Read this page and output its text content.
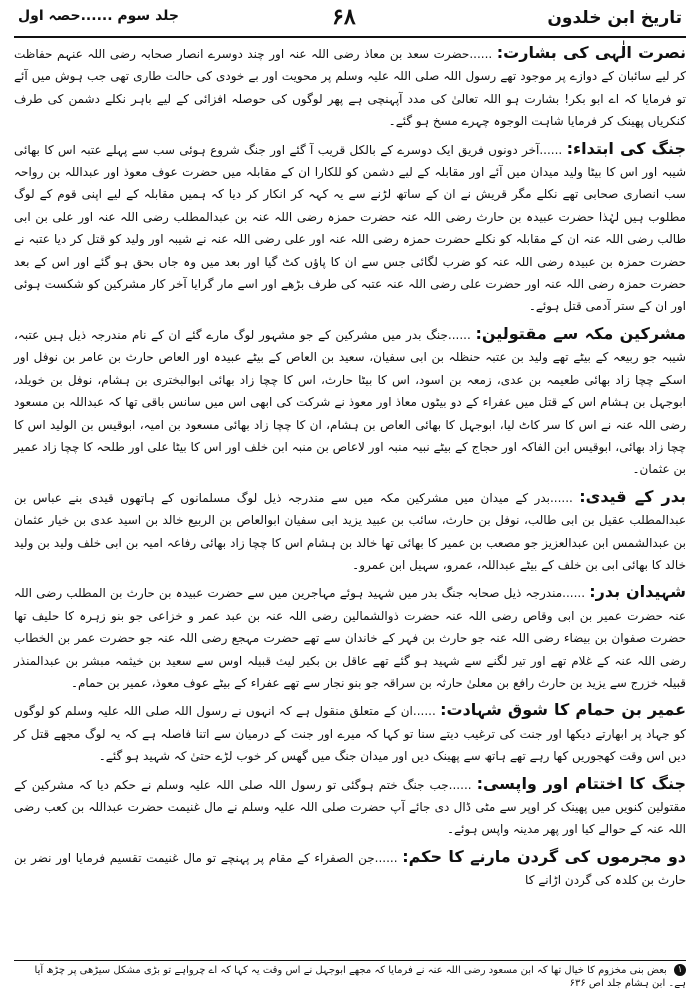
تاریخ ابن خلدون
۶۸
جلد سوم ......حصہ اول

نصرت الٰہی کی بشارت: ......حضرت سعد بن معاذ رضی اللہ عنہ اور چند دوسرے انصار صحابہ رضی اللہ عنہم حفاظت کر لیے سائبان کے دوازے پر موجود تھے رسول اللہ صلی اللہ علیہ وسلم پر محویت اور بے خودی کی حالت طاری تھی جب ہوش میں آئے تو فرمایا کہ اے ابو بکر! بشارت ہو اللہ تعالیٰ کی مدد آپہنچی ہے پھر لوگوں کی حوصلہ افزائی کے لیے باہر نکلے دشمن کی طرف کنکریاں پھینک کر فرمایا شاہت الوجوہ چہرے مسخ ہو گئے۔

جنگ کی ابتداء: ......آخر دونوں فریق ایک دوسرے کے بالکل قریب آ گئے اور جنگ شروع ہوئی سب سے پہلے عتبہ اس کا بھائی شیبہ اور اس کا بیٹا ولید میدان میں آئے اور مقابلہ کے لیے دشمن کو للکارا ان کے مقابلہ میں حضرت عوف معوذ اور عبداللہ بن رواحہ سب انصاری صحابی تھے نکلے مگر قریش نے ان کے ساتھ لڑنے سے یہ کہہ کر انکار کر دیا کہ ہمیں مقابلہ کے لیے اپنی قوم کے لوگ مطلوب ہیں لہٰذا حضرت عبیدہ بن حارث رضی اللہ عنہ حضرت حمزہ رضی اللہ عنہ بن عبدالمطلب رضی اللہ عنہ اور علی بن ابی طالب رضی اللہ عنہ ان کے مقابلہ کو نکلے حضرت حمزہ رضی اللہ عنہ اور علی رضی اللہ عنہ نے شیبہ اور ولید کو قتل کر دیا عتبہ نے حضرت حمزہ بن عبیدہ رضی اللہ عنہ کو ضرب لگائی جس سے ان کا پاؤں کٹ گیا اور بعد میں وہ جاں بحق ہو گئے اور اس کے بعد حضرت حمزہ رضی اللہ عنہ اور حضرت علی رضی اللہ عنہ عتبہ کی طرف بڑھے اور اسے مار گرایا آخر کار مشرکین کو شکست ہوئی اور ان کے ستر آدمی قتل ہوئے۔

مشرکین مکہ سے مقتولین: ......جنگ بدر میں مشرکین کے جو مشہور لوگ مارے گئے ان کے نام مندرجہ ذیل ہیں عتبہ، شیبہ جو ربیعہ کے بیٹے تھے ولید بن عتبہ حنظلہ بن ابی سفیان، سعید بن العاص کے بیٹے عبیدہ اور العاص حارث بن عامر بن نوفل اور اسکے چچا زاد بھائی طعیمہ بن عدی، زمعہ بن اسود، اس کا بیٹا حارث، اس کا چچا زاد بھائی ابوالبختری بن ہشام، نوفل بن خویلد، ابوجہل بن ہشام اس کے قتل میں عفراء کے دو بیٹوں معاذ اور معوذ نے شرکت کی ابھی اس میں سانس باقی تھا کہ عبداللہ بن مسعود رضی اللہ عنہ نے اس کا سر کاٹ لیا، ابوجہل کا بھائی العاص بن ہشام، ان کا چچا زاد بھائی مسعود بن امیہ، ابوقیس بن الولید اس کا چچا زاد بھائی، ابوقیس ابن الفاکہ اور حجاج کے بیٹے نبیہ منبہ اور لاعاص بن منبہ ابن خلف اور اس کا بیٹا علی اور طلحہ کا چچا زاد عمیر بن عثمان۔

بدر کے قیدی: ......بدر کے میدان میں مشرکین مکہ میں سے مندرجہ ذیل لوگ مسلمانوں کے ہاتھوں قیدی بنے عباس بن عبدالمطلب عقیل بن ابی طالب، نوفل بن حارث، سائب بن عبید یزید ابی سفیان ابوالعاص بن الربیع خالد بن اسید عدی بن خیار عثمان بن عبدالشمس ابن عبدالعزیز جو مصعب بن عمیر کا بھائی تھا خالد بن ہشام اس کا چچا زاد بھائی رفاعہ امیہ بن ابی خلف ولید بن ولید خالد کا بھائی ابی بن خلف کے بیٹے عبداللہ، عمرو، سہیل ابن عمرو۔

شہیدان بدر: ......مندرجہ ذیل صحابہ جنگ بدر میں شہید ہوئے مہاجرین میں سے حضرت عبیدہ بن حارث بن المطلب رضی اللہ عنہ حضرت عمیر بن ابی وقاص رضی اللہ عنہ حضرت ذوالشمالین رضی اللہ عنہ بن عبد عمر و خزاعی جو بنو زہرہ کا حلیف تھا حضرت صفوان بن بیضاء رضی اللہ عنہ جو حارث بن فہر کے خاندان سے تھے حضرت مہجع رضی اللہ عنہ جو حضرت عمر بن الخطاب رضی اللہ عنہ کے غلام تھے اور تیر لگنے سے شہید ہو گئے تھے عاقل بن بکیر لیث قبیلہ اوس سے سعید بن خیثمہ مبشر بن عبدالمنذر قبیلہ خزرج سے یزید بن حارث رافع بن معلیٰ حارثہ بن سراقہ جو بنو نجار سے تھے عفراء کے بیٹے عوف معوذ، عمیر بن حمام۔

عمیر بن حمام کا شوق شہادت: ......ان کے متعلق منقول ہے کہ انہوں نے رسول اللہ صلی اللہ علیہ وسلم کو لوگوں کو جہاد پر ابھارتے دیکھا اور جنت کی ترغیب دیتے سنا تو کہا کہ میرے اور جنت کے درمیان سے اتنا فاصلہ ہے کہ یہ لوگ مجھے قتل کر دیں اس وقت کھجوریں کھا رہے تھے ہاتھ سے پھینک دیں اور میدان جنگ میں گھس کر خوب لڑے حتیٰ کہ شہید ہو گئے۔

جنگ کا اختتام اور واپسی: ......جب جنگ ختم ہوگئی تو رسول اللہ صلی اللہ علیہ وسلم نے حکم دیا کہ مشرکین کے مقتولین کنویں میں پھینک کر اوپر سے مٹی ڈال دی جائے آپ حضرت صلی اللہ علیہ وسلم نے مال غنیمت حضرت عبداللہ بن کعب رضی اللہ عنہ کے حوالے کیا اور پھر مدینہ واپس ہوئے۔

دو مجرموں کی گردن مارنے کا حکم: ......جن الصفراء کے مقام پر پہنچے تو مال غنیمت تقسیم فرمایا اور نضر بن حارث بن کلدہ کی گردن اڑانے کا

۱ بعض بنی مخزوم کا خیال تھا کہ ابن مسعود رضی اللہ عنہ نے فرمایا کہ مجھے ابوجہل نے اس وقت یہ کہا کہ اے چرواہے تو بڑی مشکل سیڑھی پر چڑھ آیا ہے۔ ابن ہشام جلد اص ۶۳۶
